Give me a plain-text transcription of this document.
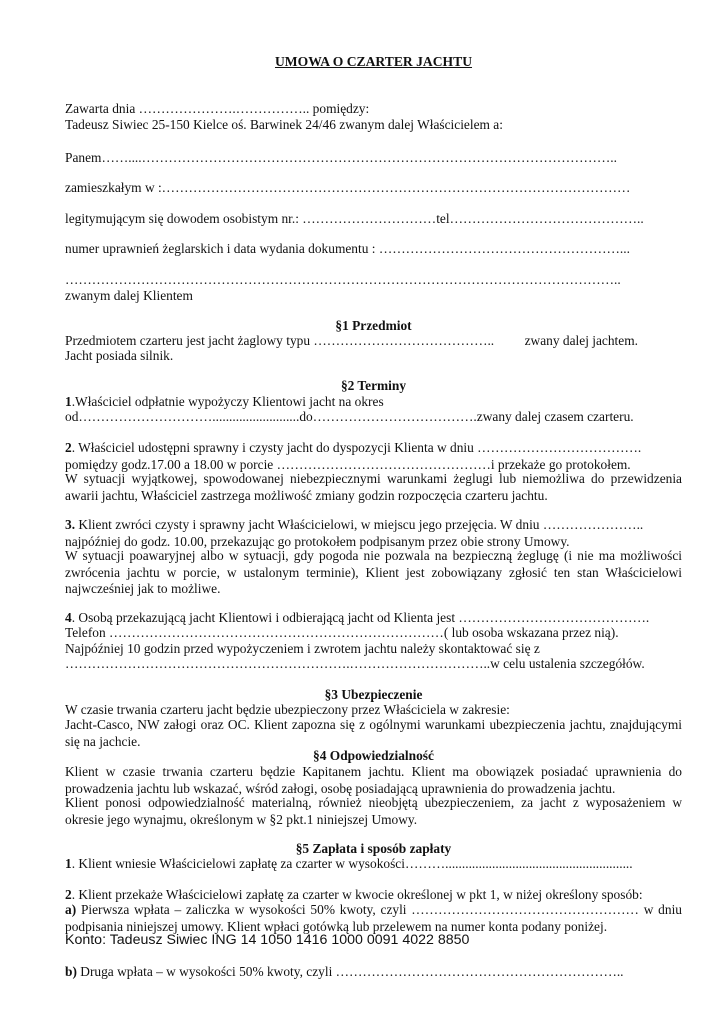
UMOWA O CZARTER JACHTU
Zawarta dnia ………………….…………….. pomiędzy:
Tadeusz Siwiec 25-150 Kielce oś. Barwinek 24/46 zwanym dalej Właścicielem a:
Panem……....……………………………………………………………………………………………..
zamieszkałym w :……………………………………………………………………………………………
legitymującym się dowodem osobistym nr.: …………………………tel……………………………………..
numer uprawnień żeglarskich i data wydania dokumentu : ………………………………………………...
……………………………………………………………………………………………………………..
zwanym dalej Klientem
§1 Przedmiot
Przedmiotem czarteru jest jacht żaglowy typu ………………………………….. zwany dalej jachtem.
Jacht posiada silnik.
§2 Terminy
1.Właściciel odpłatnie wypożyczy Klientowi jacht na okres
od…………………………..........................do……………………………….zwany dalej czasem czarteru.
2. Właściciel udostępni sprawny i czysty jacht do dyspozycji Klienta w dniu ………………………………. pomiędzy godz.17.00 a 18.00 w porcie …………………………………………i przekaże go protokołem.
W sytuacji wyjątkowej, spowodowanej niebezpiecznymi warunkami żeglugi lub niemożliwa do przewidzenia awarii jachtu, Właściciel zastrzega możliwość zmiany godzin rozpoczęcia czarteru jachtu.
3. Klient zwróci czysty i sprawny jacht Właścicielowi, w miejscu jego przejęcia. W dniu ………………….. najpóźniej do godz. 10.00, przekazując go protokołem podpisanym przez obie strony Umowy.
W sytuacji poawaryjnej albo w sytuacji, gdy pogoda nie pozwala na bezpieczną żeglugę (i nie ma możliwości zwrócenia jachtu w porcie, w ustalonym terminie), Klient jest zobowiązany zgłosić ten stan Właścicielowi najwcześniej jak to możliwe.
4. Osobą przekazującą jacht Klientowi i odbierającą jacht od Klienta jest …………………………………….
Telefon …………………………………………………………………( lub osoba wskazana przez nią).
Najpóźniej 10 godzin przed wypożyczeniem i zwrotem jachtu należy skontaktować się z
……………………………………………………….…………………………..w celu ustalenia szczegółów.
§3 Ubezpieczenie
W czasie trwania czarteru jacht będzie ubezpieczony przez Właściciela w zakresie:
Jacht-Casco, NW załogi oraz OC. Klient zapozna się z ogólnymi warunkami ubezpieczenia jachtu, znajdującymi się na jachcie.
§4 Odpowiedzialność
Klient w czasie trwania czarteru będzie Kapitanem jachtu. Klient ma obowiązek posiadać uprawnienia do prowadzenia jachtu lub wskazać, wśród załogi, osobę posiadającą uprawnienia do prowadzenia jachtu.
Klient ponosi odpowiedzialność materialną, również nieobjętą ubezpieczeniem, za jacht z wyposażeniem w okresie jego wynajmu, określonym w §2 pkt.1 niniejszej Umowy.
§5 Zapłata i sposób zapłaty
1. Klient wniesie Właścicielowi zapłatę za czarter w wysokości………........................................................
2. Klient przekaże Właścicielowi zapłatę za czarter w kwocie określonej w pkt 1, w niżej określony sposób:
a) Pierwsza wpłata – zaliczka w wysokości 50% kwoty, czyli …………………………………………… w dniu podpisania niniejszej umowy. Klient wpłaci gotówką lub przelewem na numer konta podany poniżej.
Konto: Tadeusz Siwiec ING 14 1050 1416 1000 0091 4022 8850
b) Druga wpłata – w wysokości 50% kwoty, czyli ………………………………………………………..
